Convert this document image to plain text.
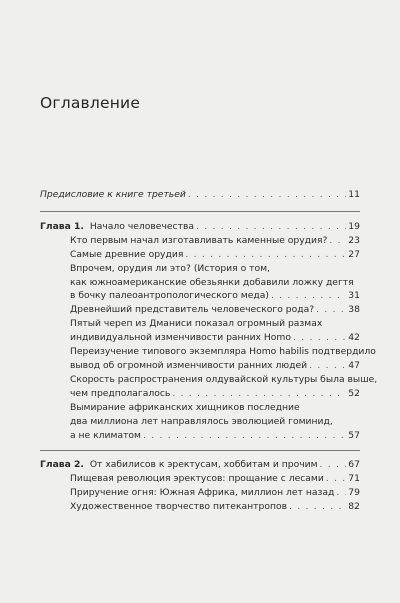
Оглавление
Предисловие к книге третьей . . .	11
Глава 1. Начало человечества . . .	19
Кто первым начал изготавливать каменные орудия? . . . 23
Самые древние орудия . . .	27
Впрочем, орудия ли это? (История о том,
как южноамериканские обезьянки добавили ложку дегтя
в бочку палеоантропологического меда) . . .	31
Древнейший представитель человеческого рода? . . .	38
Пятый череп из Дманиси показал огромный размах
индивидуальной изменчивости ранних Homo . . .	42
Переизучение типового экземпляра Homo habilis подтвердило
вывод об огромной изменчивости ранних людей . . .	47
Скорость распространения олдувайской культуры была выше,
чем предполагалось . . .	52
Вымирание африканских хищников последние
два миллиона лет направлялось эволюцией гоминид,
а не климатом . . .	57
Глава 2. От хабилисов к эректусам, хоббитам и прочим . . .	67
Пищевая революция эректусов: прощание с лесами . . .	71
Приручение огня: Южная Африка, миллион лет назад . . . 79
Художественное творчество питекантропов . . .	82
